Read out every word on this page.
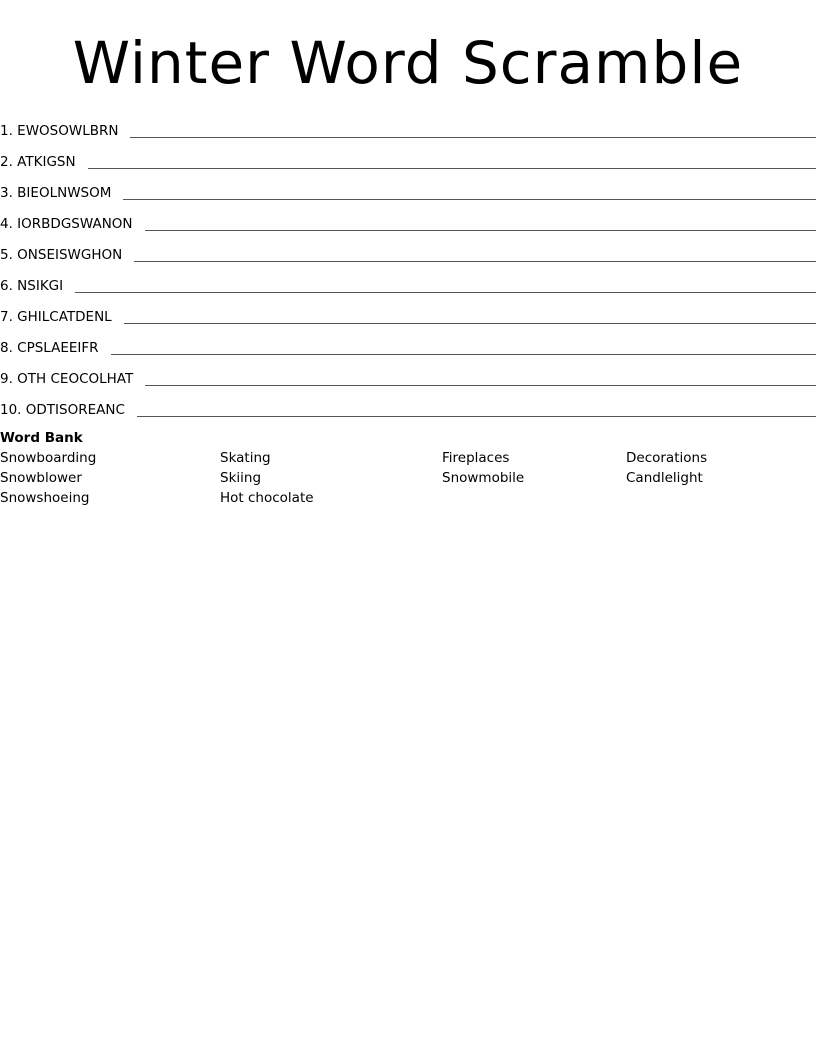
Winter Word Scramble
1. EWOSOWLBRN
2. ATKIGSN
3. BIEOLNWSOM
4. IORBDGSWANON
5. ONSEISWGHON
6. NSIKGI
7. GHILCATDENL
8. CPSLAEEIFR
9. OTH CEOCOLHAT
10. ODTISOREANC
Word Bank
Snowboarding	Skating	Fireplaces	Decorations
Snowblower	Skiing	Snowmobile	Candlelight
Snowshoeing	Hot chocolate
